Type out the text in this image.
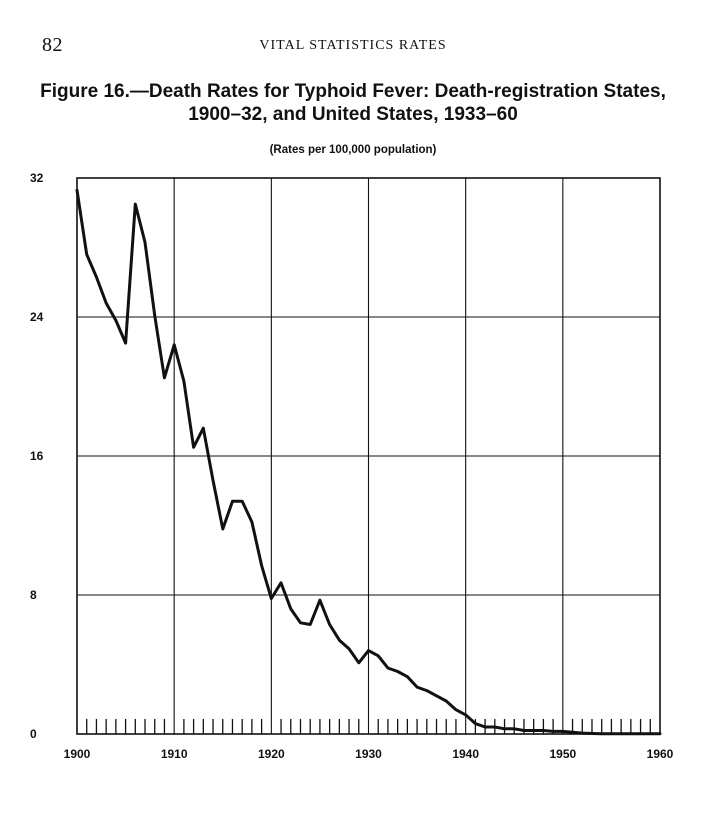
82	VITAL STATISTICS RATES
Figure 16.—Death Rates for Typhoid Fever: Death-registration States,
1900–32, and United States, 1933–60
(Rates per 100,000 population)
0
8
16
24
32
1900	1910	1920	1930	1940	1950	1960
